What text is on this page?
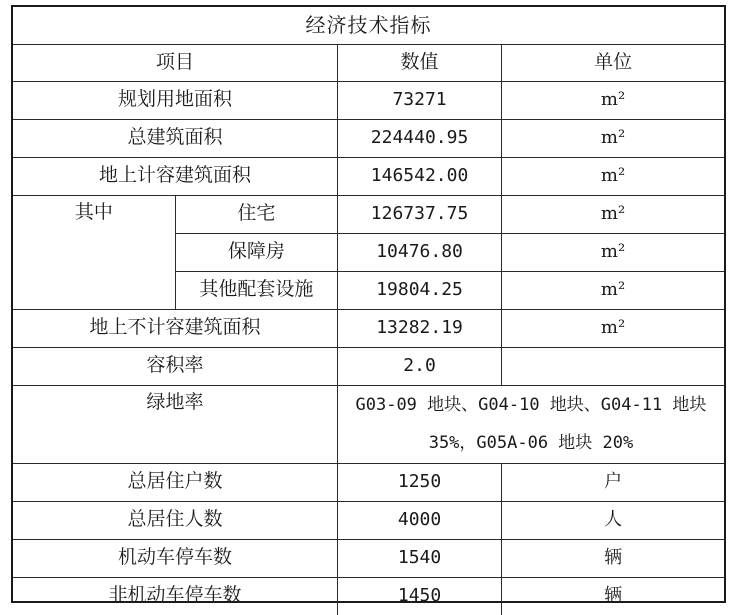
经济技术指标			
项目		数值	单位
规划用地面积		73271	m²
总建筑面积		224440.95	m²
地上计容建筑面积		146542.00	m²
其中	住宅	126737.75	m²
	保障房	10476.80	m²
	其他配套设施	19804.25	m²
地上不计容建筑面积		13282.19	m²
容积率		2.0	
绿地率		G03-09 地块、G04-10 地块、G04-11 地块 35%，G05A-06 地块 20%	
总居住户数		1250	户
总居住人数		4000	人
机动车停车数		1540	辆
非机动车停车数		1450	辆
